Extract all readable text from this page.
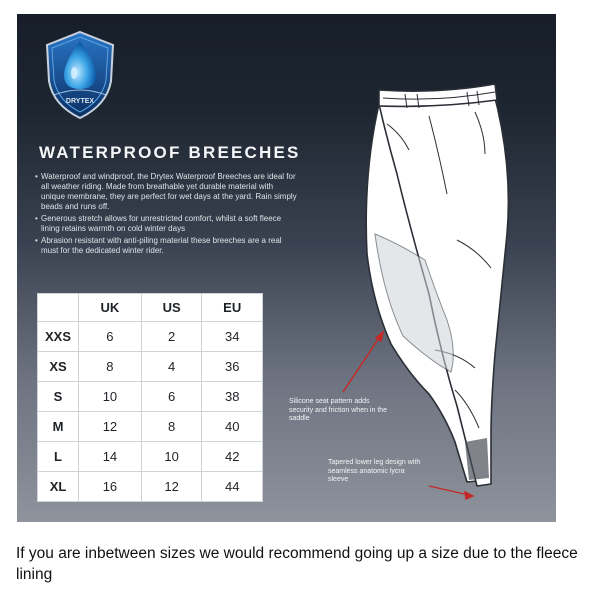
DRYTEX
WATERPROOF BREECHES
• Waterproof and windproof, the Drytex Waterproof Breeches are ideal for all weather riding. Made from breathable yet durable material with unique membrane, they are perfect for wet days at the yard. Rain simply beads and runs off.
• Generous stretch allows for unrestricted comfort, whilst a soft fleece lining retains warmth on cold winter days
• Abrasion resistant with anti-piling material these breeches are a real must for the dedicated winter rider.
	UK	US	EU
XXS	6	2	34
XS	8	4	36
S	10	6	38
M	12	8	40
L	14	10	42
XL	16	12	44

Silicone seat pattern adds security and friction when in the saddle

Tapered lower leg design with seamless anatomic lycra sleeve

If you are inbetween sizes we would recommend going up a size due to the fleece lining
